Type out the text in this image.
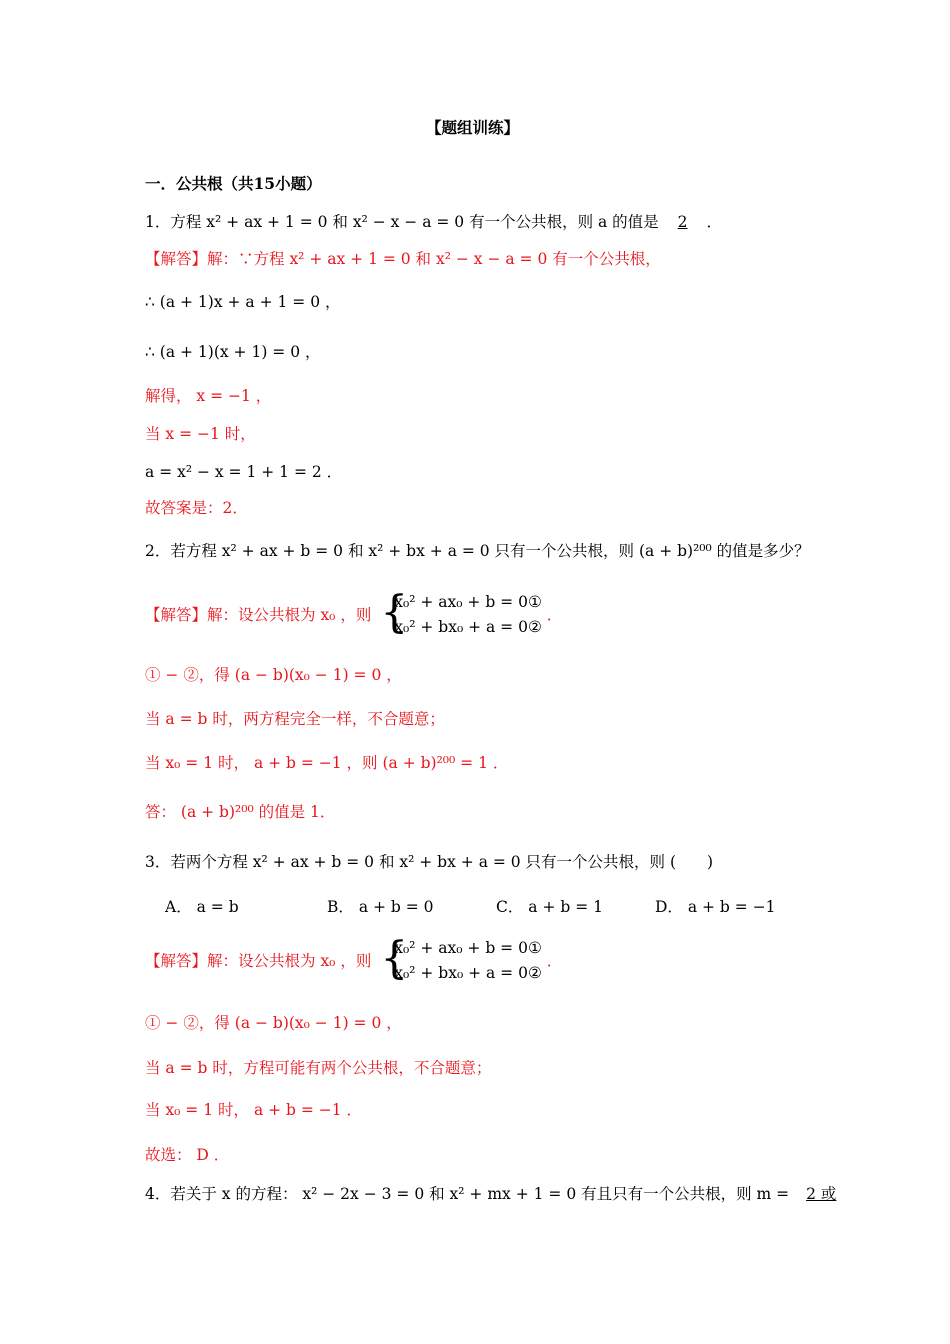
【题组训练】
一．公共根（共15小题）
1．方程 x² + ax + 1 = 0 和 x² − x − a = 0 有一个公共根，则 a 的值是 2 ．
【解答】解：∵方程 x² + ax + 1 = 0 和 x² − x − a = 0 有一个公共根，
∴ (a + 1)x + a + 1 = 0 ，
∴ (a + 1)(x + 1) = 0 ，
解得， x = −1 ，
当 x = −1 时，
a = x² − x = 1 + 1 = 2 ．
故答案是：2．
2．若方程 x² + ax + b = 0 和 x² + bx + a = 0 只有一个公共根，则 (a + b)²⁰⁰ 的值是多少？
【解答】解：设公共根为 x₀ ，则 {
x₀² + ax₀ + b = 0①
x₀² + bx₀ + a = 0②
．
① − ②，得 (a − b)(x₀ − 1) = 0 ，
当 a = b 时，两方程完全一样，不合题意；
当 x₀ = 1 时， a + b = −1 ，则 (a + b)²⁰⁰ = 1 ．
答： (a + b)²⁰⁰ 的值是 1．
3．若两个方程 x² + ax + b = 0 和 x² + bx + a = 0 只有一个公共根，则 (　　)
A． a = b	B． a + b = 0	C． a + b = 1	D． a + b = −1
【解答】解：设公共根为 x₀ ，则 {
x₀² + ax₀ + b = 0①
x₀² + bx₀ + a = 0②
．
① − ②，得 (a − b)(x₀ − 1) = 0 ，
当 a = b 时，方程可能有两个公共根，不合题意；
当 x₀ = 1 时， a + b = −1 ．
故选： D ．
4．若关于 x 的方程： x² − 2x − 3 = 0 和 x² + mx + 1 = 0 有且只有一个公共根，则 m = 2 或
